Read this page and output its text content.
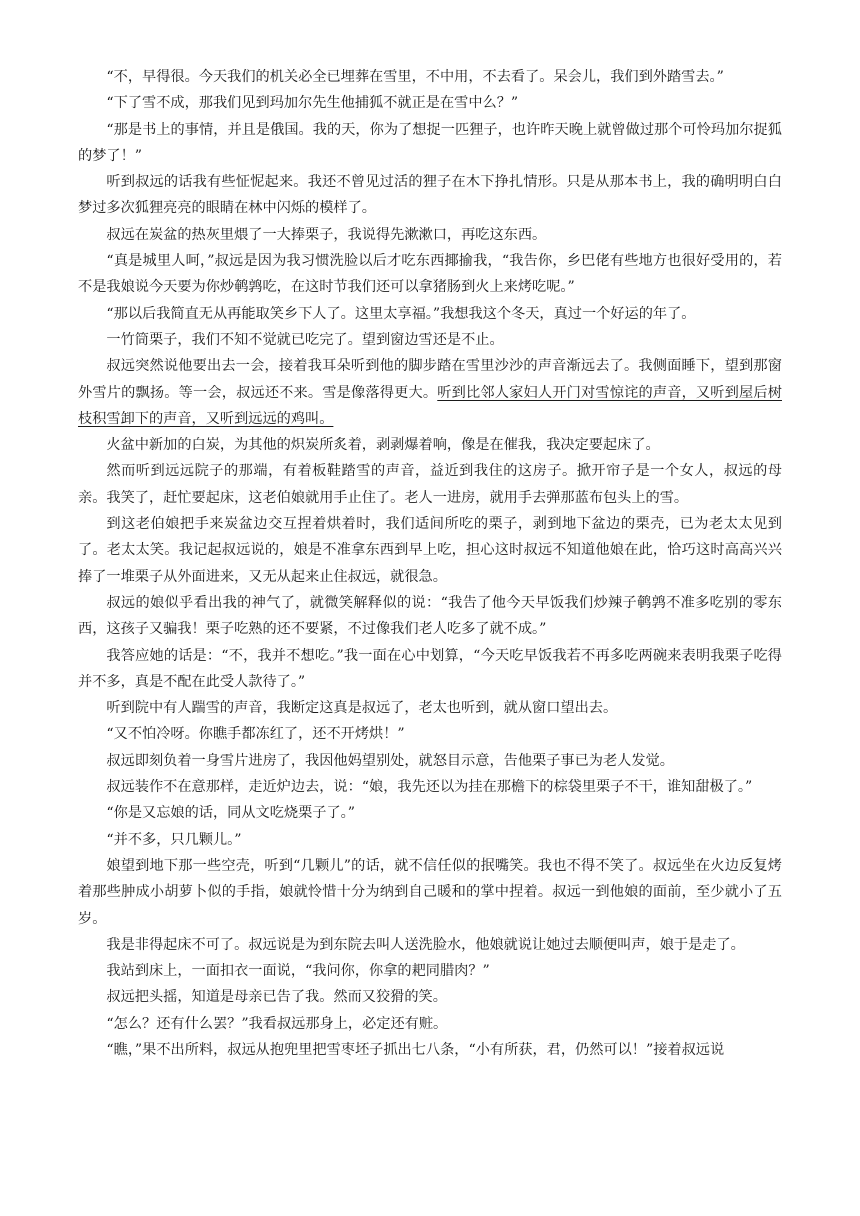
“不，早得很。今天我们的机关必全已埋葬在雪里，不中用，不去看了。呆会儿，我们到外踏雪去。”

“下了雪不成，那我们见到玛加尔先生他捕狐不就正是在雪中么？”

“那是书上的事情，并且是俄国。我的天，你为了想捉一匹狸子，也许昨天晚上就曾做过那个可怜玛加尔捉狐的梦了！”

听到叔远的话我有些怔怩起来。我还不曾见过活的狸子在木下挣扎情形。只是从那本书上，我的确明明白白梦过多次狐狸亮亮的眼睛在林中闪烁的模样了。

叔远在炭盆的热灰里煨了一大捧栗子，我说得先漱漱口，再吃这东西。

“真是城里人呵，”叔远是因为我习惯洗脸以后才吃东西揶揄我，“我告你，乡巴佬有些地方也很好受用的，若不是我娘说今天要为你炒鹌鹑吃，在这时节我们还可以拿猪肠到火上来烤吃呢。”

“那以后我简直无从再能取笑乡下人了。这里太享福。”我想我这个冬天，真过一个好运的年了。

一竹筒栗子，我们不知不觉就已吃完了。望到窗边雪还是不止。

叔远突然说他要出去一会，接着我耳朵听到他的脚步踏在雪里沙沙的声音渐远去了。我侧面睡下，望到那窗外雪片的飘扬。等一会，叔远还不来。雪是像落得更大。听到比邻人家妇人开门对雪惊诧的声音，又听到屋后树枝积雪卸下的声音，又听到远远的鸡叫。

火盆中新加的白炭，为其他的炽炭所炙着，剥剥爆着响，像是在催我，我决定要起床了。

然而听到远远院子的那端，有着板鞋踏雪的声音，益近到我住的这房子。掀开帘子是一个女人，叔远的母亲。我笑了，赶忙要起床，这老伯娘就用手止住了。老人一进房，就用手去弹那蓝布包头上的雪。

到这老伯娘把手来炭盆边交互捏着烘着时，我们适间所吃的栗子，剥到地下盆边的栗壳，已为老太太见到了。老太太笑。我记起叔远说的，娘是不准拿东西到早上吃，担心这时叔远不知道他娘在此，恰巧这时高高兴兴捧了一堆栗子从外面进来，又无从起来止住叔远，就很急。

叔远的娘似乎看出我的神气了，就微笑解释似的说：“我告了他今天早饭我们炒辣子鹌鹑不准多吃别的零东西，这孩子又骗我！栗子吃熟的还不要紧，不过像我们老人吃多了就不成。”

我答应她的话是：“不，我并不想吃。”我一面在心中划算，“今天吃早饭我若不再多吃两碗来表明我栗子吃得并不多，真是不配在此受人款待了。”

听到院中有人踹雪的声音，我断定这真是叔远了，老太也听到，就从窗口望出去。

“又不怕冷呀。你瞧手都冻红了，还不开烤烘！”

叔远即刻负着一身雪片进房了，我因他妈望别处，就怒目示意，告他栗子事已为老人发觉。

叔远装作不在意那样，走近炉边去，说：“娘，我先还以为挂在那檐下的棕袋里栗子不干，谁知甜极了。”

“你是又忘娘的话，同从文吃烧栗子了。”

“并不多，只几颗儿。”

娘望到地下那一些空壳，听到“几颗儿”的话，就不信任似的抿嘴笑。我也不得不笑了。叔远坐在火边反复烤着那些肿成小胡萝卜似的手指，娘就怜惜十分为纳到自己暖和的掌中捏着。叔远一到他娘的面前，至少就小了五岁。

我是非得起床不可了。叔远说是为到东院去叫人送洗脸水，他娘就说让她过去顺便叫声，娘于是走了。

我站到床上，一面扣衣一面说，“我问你，你拿的耙同腊肉？”

叔远把头摇，知道是母亲已告了我。然而又狡猾的笑。

“怎么？还有什么罢？”我看叔远那身上，必定还有赃。

“瞧，”果不出所料，叔远从抱兜里把雪枣坯子抓出七八条，“小有所获，君，仍然可以！”接着叔远说
